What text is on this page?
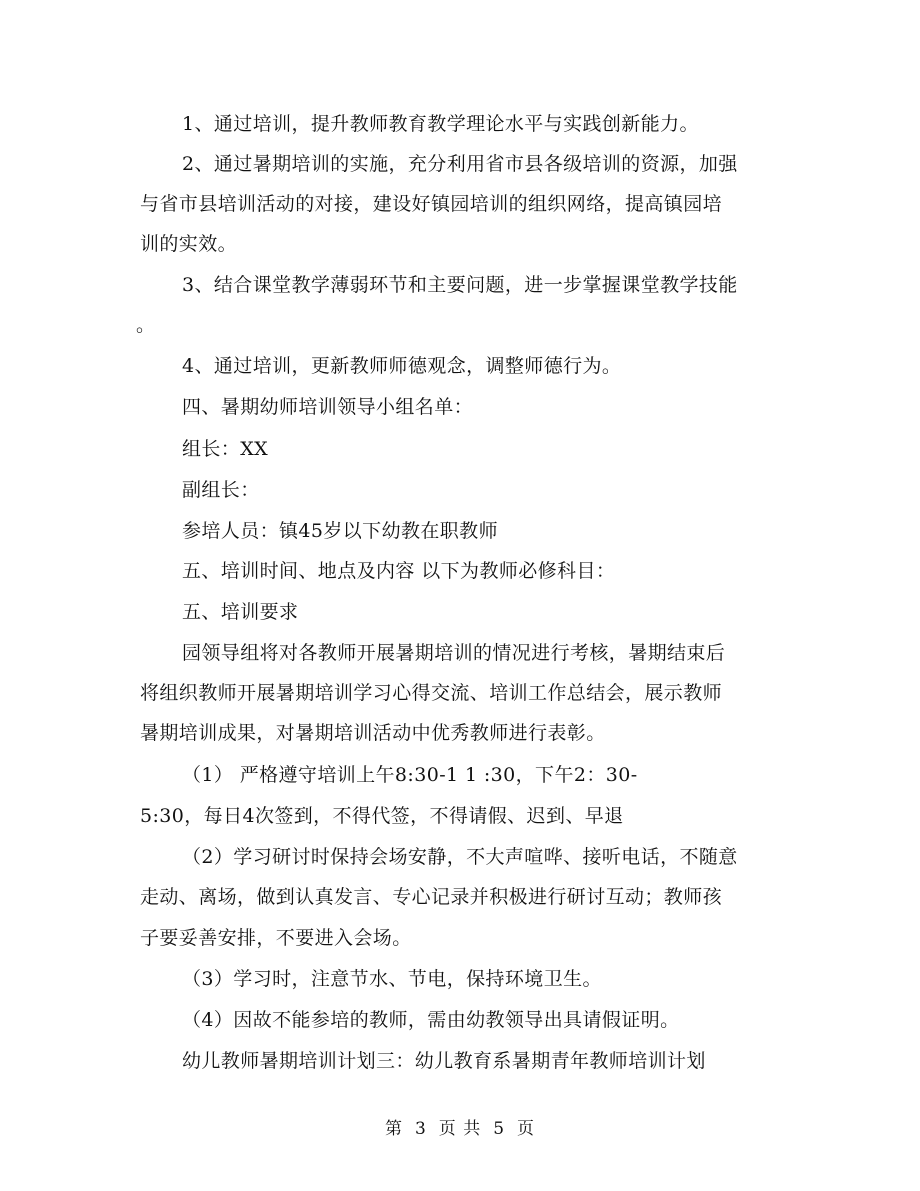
1、通过培训，提升教师教育教学理论水平与实践创新能力。
2、通过暑期培训的实施，充分利用省市县各级培训的资源，加强
与省市县培训活动的对接，建设好镇园培训的组织网络，提高镇园培
训的实效。
3、结合课堂教学薄弱环节和主要问题，进一步掌握课堂教学技能
。
4、通过培训，更新教师师德观念，调整师德行为。
四、暑期幼师培训领导小组名单：
组长：XX
副组长：
参培人员：镇45岁以下幼教在职教师
五、培训时间、地点及内容 以下为教师必修科目：
五、培训要求
园领导组将对各教师开展暑期培训的情况进行考核，暑期结束后
将组织教师开展暑期培训学习心得交流、培训工作总结会，展示教师
暑期培训成果，对暑期培训活动中优秀教师进行表彰。
（1） 严格遵守培训上午8:30-1 1 :30，下午2：30-
5:30，每日4次签到，不得代签，不得请假、迟到、早退
（2）学习研讨时保持会场安静，不大声喧哗、接听电话，不随意
走动、离场，做到认真发言、专心记录并积极进行研讨互动；教师孩
子要妥善安排，不要进入会场。
（3）学习时，注意节水、节电，保持环境卫生。
（4）因故不能参培的教师，需由幼教领导出具请假证明。
幼儿教师暑期培训计划三：幼儿教育系暑期青年教师培训计划
第 3 页 共 5 页
